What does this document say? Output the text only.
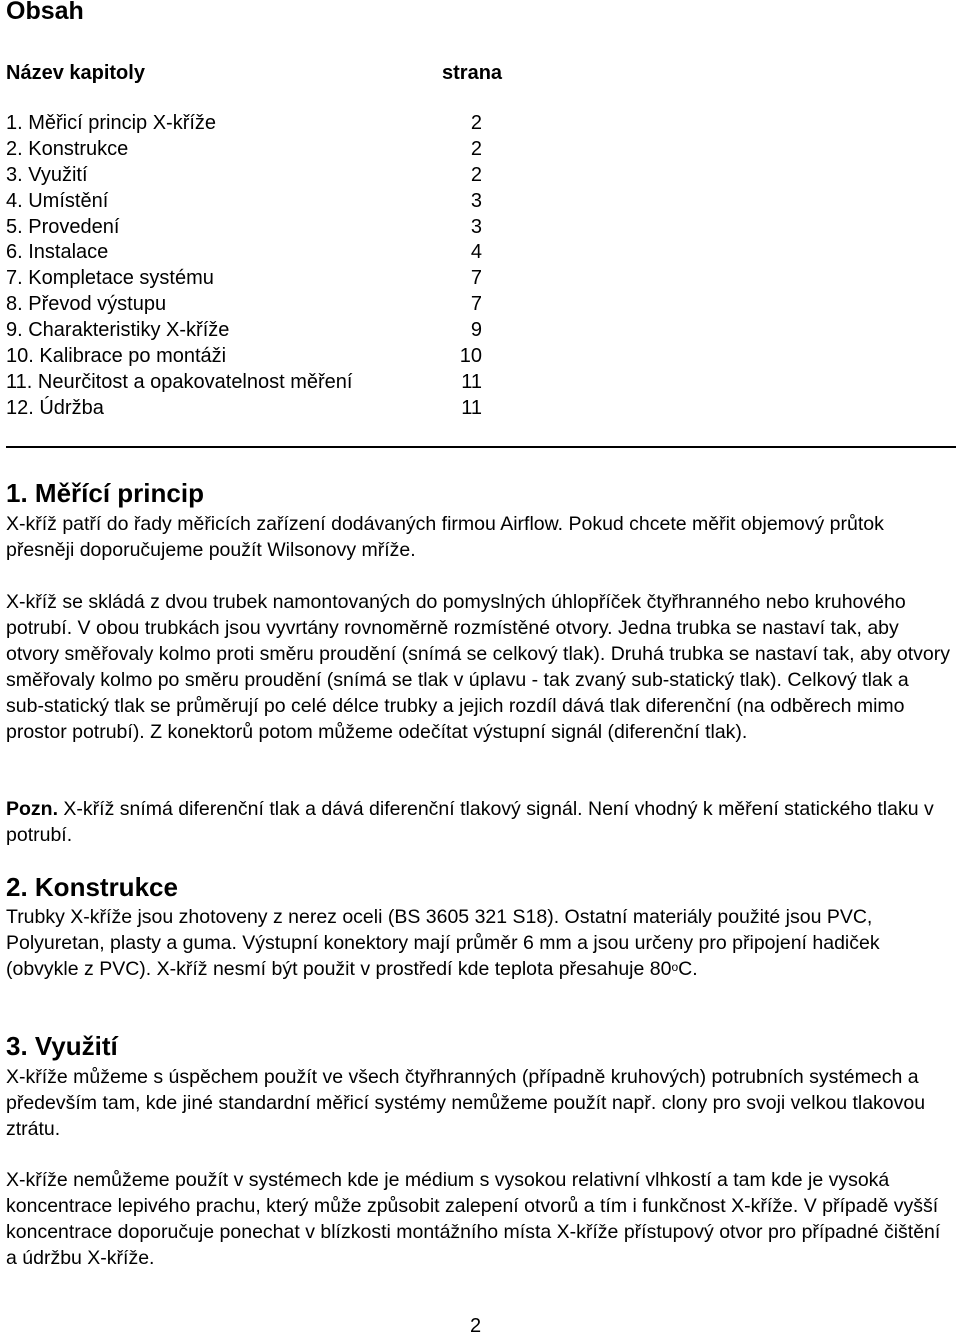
Obsah
Název kapitoly	strana
1. Měřicí princip X-kříže	2
2. Konstrukce	2
3. Využití	2
4. Umístění	3
5. Provedení	3
6. Instalace	4
7. Kompletace systému	7
8. Převod výstupu	7
9. Charakteristiky X-kříže	9
10. Kalibrace po montáži	10
11. Neurčitost a opakovatelnost měření	11
12. Údržba	11
1. Měřící princip
X-kříž patří do řady měřicích zařízení dodávaných firmou Airflow. Pokud chcete měřit objemový průtok přesněji doporučujeme použít Wilsonovy mříže.
X-kříž se skládá z dvou trubek namontovaných do pomyslných úhlopříček čtyřhranného nebo kruhového potrubí. V obou trubkách jsou vyvrtány rovnoměrně rozmístěné otvory. Jedna trubka se nastaví tak, aby otvory směřovaly kolmo proti směru proudění (snímá se celkový tlak). Druhá trubka se nastaví tak, aby otvory směřovaly kolmo po směru proudění (snímá se tlak v úplavu - tak zvaný sub-statický tlak). Celkový tlak a sub-statický tlak se průměrují po celé délce trubky a jejich rozdíl dává tlak diferenční (na odběrech mimo prostor potrubí). Z konektorů potom můžeme odečítat výstupní signál (diferenční tlak).
Pozn. X-kříž snímá diferenční tlak a dává diferenční tlakový signál. Není vhodný k měření statického tlaku v potrubí.
2. Konstrukce
Trubky X-kříže jsou zhotoveny z nerez oceli (BS 3605 321 S18). Ostatní materiály použité jsou PVC, Polyuretan, plasty a guma. Výstupní konektory mají průměr 6 mm a jsou určeny pro připojení hadiček (obvykle z PVC). X-kříž nesmí být použit v prostředí kde teplota přesahuje 80$^o$C.
3. Využití
X-kříže můžeme s úspěchem použít ve všech čtyřhranných (případně kruhových) potrubních systémech a především tam, kde jiné standardní měřicí systémy nemůžeme použít např. clony pro svoji velkou tlakovou ztrátu.
X-kříže nemůžeme použít v systémech kde je médium s vysokou relativní vlhkostí a tam kde je vysoká koncentrace lepivého prachu, který může způsobit zalepení otvorů a tím i funkčnost X-kříže. V případě vyšší koncentrace doporučuje ponechat v blízkosti montážního místa X-kříže přístupový otvor pro případné čištění a údržbu X-kříže.
2
